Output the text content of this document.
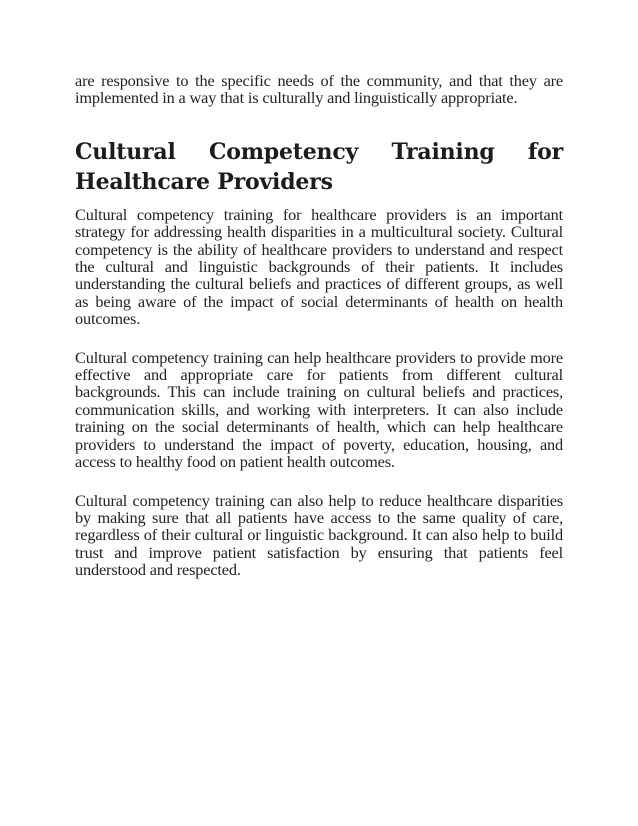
are responsive to the specific needs of the community, and that they are implemented in a way that is culturally and linguistically appropriate.

Cultural Competency Training for
Healthcare Providers

Cultural competency training for healthcare providers is an important strategy for addressing health disparities in a multicultural society. Cultural competency is the ability of healthcare providers to understand and respect the cultural and linguistic backgrounds of their patients. It includes understanding the cultural beliefs and practices of different groups, as well as being aware of the impact of social determinants of health on health outcomes.

Cultural competency training can help healthcare providers to provide more effective and appropriate care for patients from different cultural backgrounds. This can include training on cultural beliefs and practices, communication skills, and working with interpreters. It can also include training on the social determinants of health, which can help healthcare providers to understand the impact of poverty, education, housing, and access to healthy food on patient health outcomes.

Cultural competency training can also help to reduce healthcare disparities by making sure that all patients have access to the same quality of care, regardless of their cultural or linguistic background. It can also help to build trust and improve patient satisfaction by ensuring that patients feel understood and respected.
